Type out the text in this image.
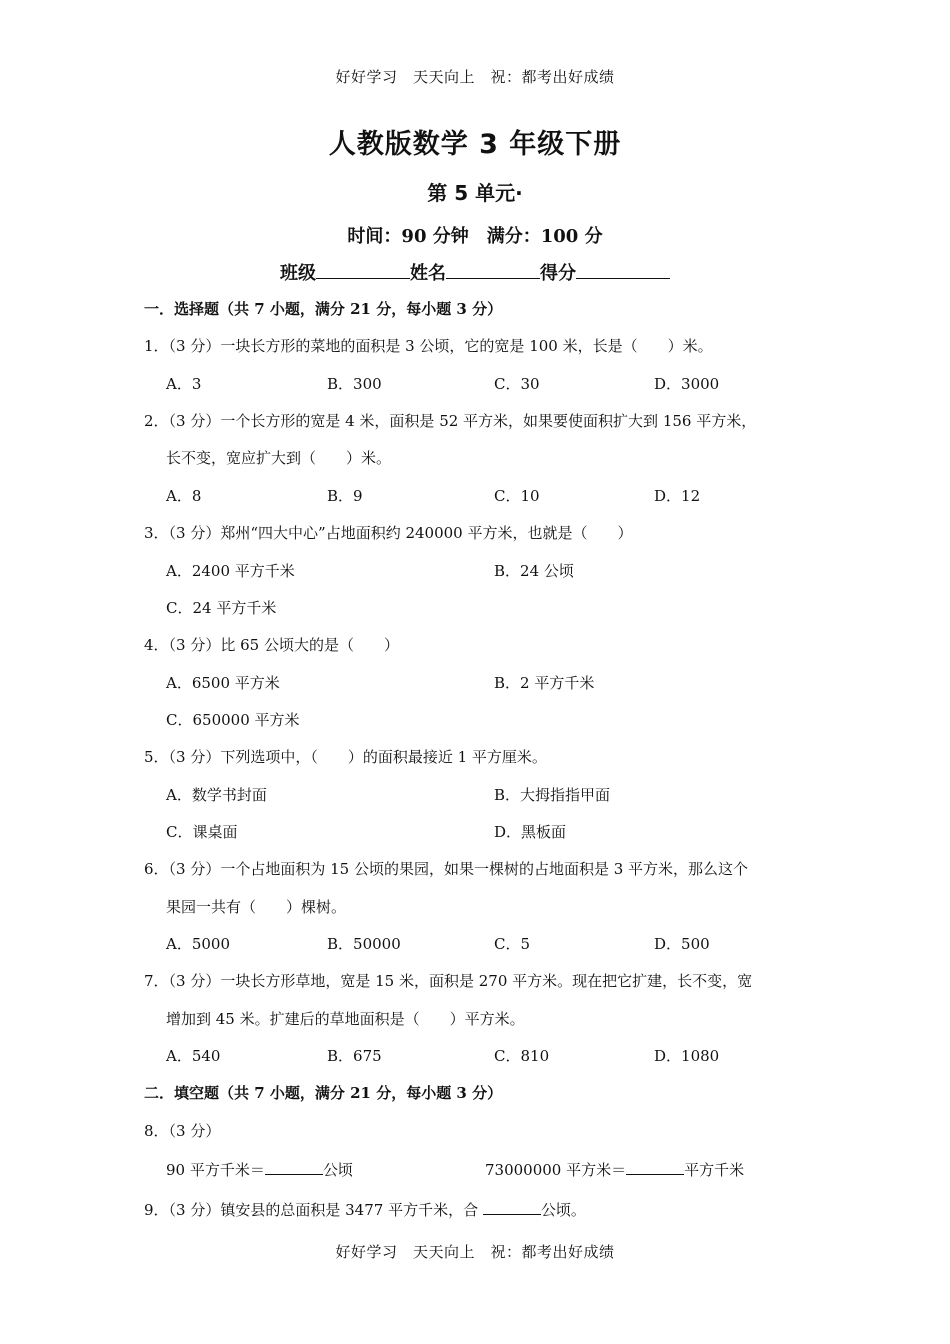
好好学习　天天向上　祝：都考出好成绩
人教版数学 3 年级下册
第 5 单元·
时间：90 分钟　满分：100 分
班级	姓名	得分
一．选择题（共 7 小题，满分 21 分，每小题 3 分）
1．（3 分）一块长方形的菜地的面积是 3 公顷，它的宽是 100 米，长是（　　）米。
A．3	B．300	C．30	D．3000
2．（3 分）一个长方形的宽是 4 米，面积是 52 平方米，如果要使面积扩大到 156 平方米，
长不变，宽应扩大到（　　）米。
A．8	B．9	C．10	D．12
3．（3 分）郑州“四大中心”占地面积约 240000 平方米，也就是（　　）
A．2400 平方千米	B．24 公顷
C．24 平方千米
4．（3 分）比 65 公顷大的是（　　）
A．6500 平方米	B．2 平方千米
C．650000 平方米
5．（3 分）下列选项中，（　　）的面积最接近 1 平方厘米。
A．数学书封面	B．大拇指指甲面
C．课桌面	D．黑板面
6．（3 分）一个占地面积为 15 公顷的果园，如果一棵树的占地面积是 3 平方米，那么这个
果园一共有（　　）棵树。
A．5000	B．50000	C．5	D．500
7．（3 分）一块长方形草地，宽是 15 米，面积是 270 平方米。现在把它扩建，长不变，宽
增加到 45 米。扩建后的草地面积是（　　）平方米。
A．540	B．675	C．810	D．1080
二．填空题（共 7 小题，满分 21 分，每小题 3 分）
8．（3 分）
90 平方千米＝	公顷	73000000 平方米＝	平方千米
9．（3 分）镇安县的总面积是 3477 平方千米，合	公顷。
好好学习　天天向上　祝：都考出好成绩
